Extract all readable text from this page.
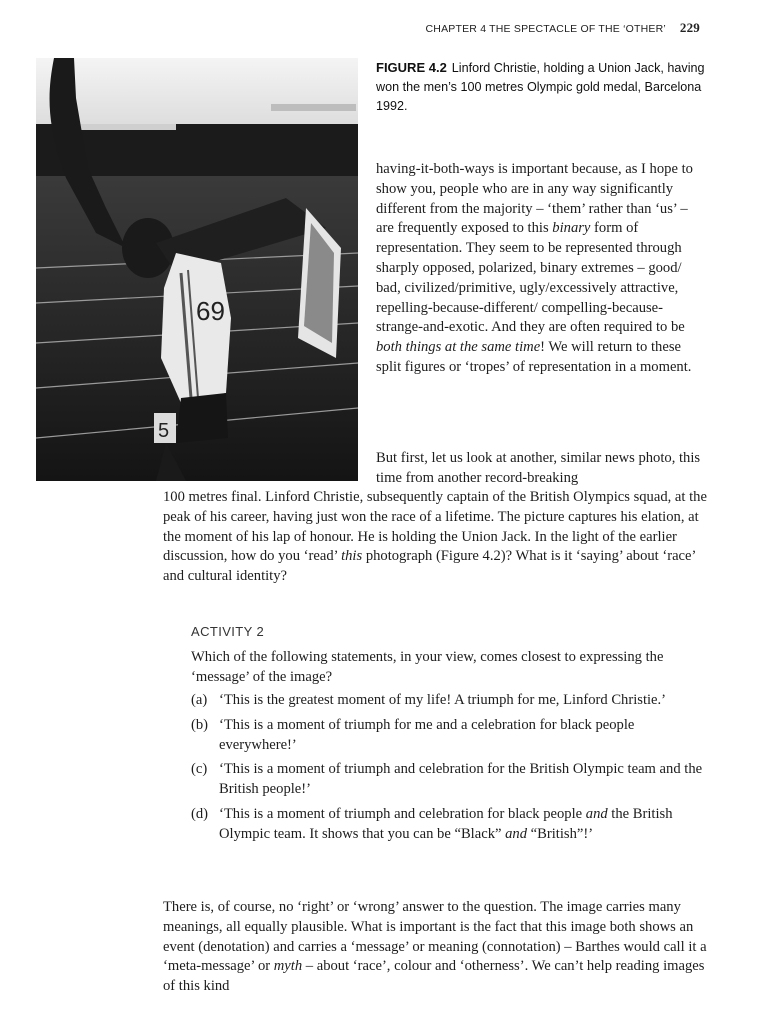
CHAPTER 4 THE SPECTACLE OF THE ‘OTHER’ 229
69
5
FIGURE 4.2 Linford Christie, holding a Union Jack, having won the men’s 100 metres Olympic gold medal, Barcelona 1992.

having-it-both-ways is important because, as I hope to show you, people who are in any way significantly different from the majority – ‘them’ rather than ‘us’ – are frequently exposed to this binary form of representation. They seem to be represented through sharply opposed, polarized, binary extremes – good/ bad, civilized/primitive, ugly/excessively attractive, repelling-because-different/ compelling-because-strange-and-exotic. And they are often required to be both things at the same time! We will return to these split figures or ‘tropes’ of representation in a moment.

But first, let us look at another, similar news photo, this time from another record-breaking

100 metres final. Linford Christie, subsequently captain of the British Olympics squad, at the peak of his career, having just won the race of a lifetime. The picture captures his elation, at the moment of his lap of honour. He is holding the Union Jack. In the light of the earlier discussion, how do you ‘read’ this photograph (Figure 4.2)? What is it ‘saying’ about ‘race’ and cultural identity?

ACTIVITY 2

Which of the following statements, in your view, comes closest to expressing the ‘message’ of the image?

(a) ‘This is the greatest moment of my life! A triumph for me, Linford Christie.’
(b) ‘This is a moment of triumph for me and a celebration for black people everywhere!’
(c) ‘This is a moment of triumph and celebration for the British Olympic team and the British people!’
(d) ‘This is a moment of triumph and celebration for black people and the British Olympic team. It shows that you can be “Black” and “British”!’

There is, of course, no ‘right’ or ‘wrong’ answer to the question. The image carries many meanings, all equally plausible. What is important is the fact that this image both shows an event (denotation) and carries a ‘message’ or meaning (connotation) – Barthes would call it a ‘meta-message’ or myth – about ‘race’, colour and ‘otherness’. We can’t help reading images of this kind
